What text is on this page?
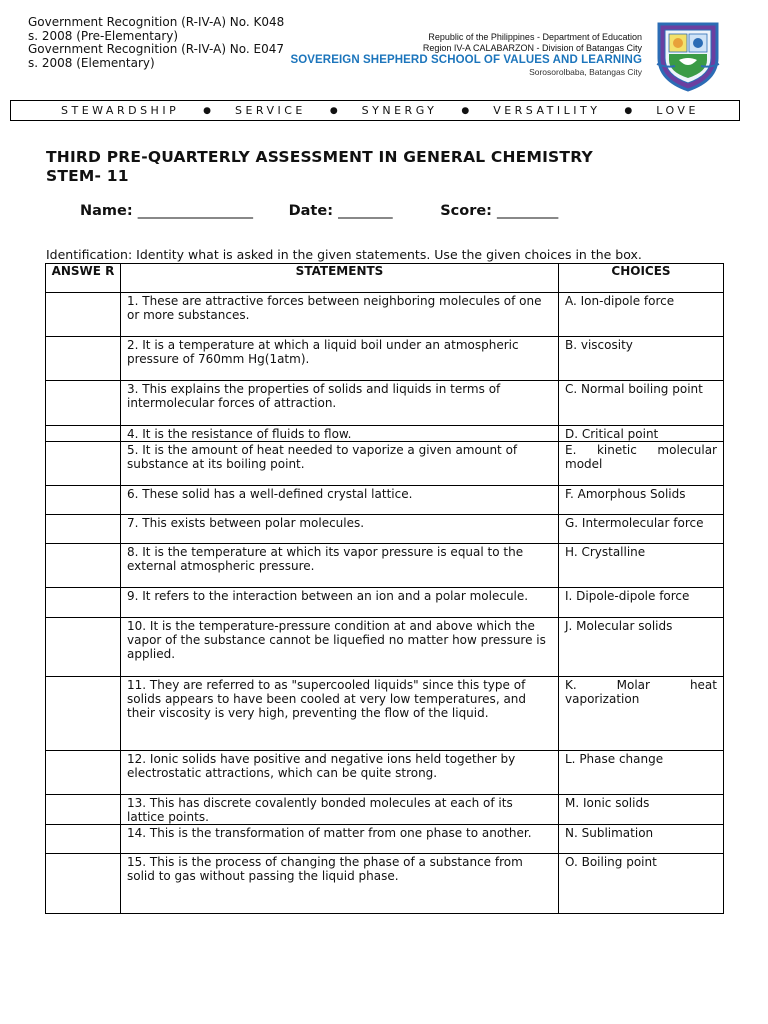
Government Recognition (R-IV-A) No. K048
s. 2008 (Pre-Elementary)
Government Recognition (R-IV-A) No. E047
s. 2008 (Elementary)
Republic of the Philippines - Department of Education
Region IV-A CALABARZON - Division of Batangas City
SOVEREIGN SHEPHERD SCHOOL OF VALUES AND LEARNING
Sorosorolbaba, Batangas City
STEWARDSHIP	● SERVICE	● SYNERGY	● VERSATILITY	● LOVE
THIRD PRE-QUARTERLY ASSESSMENT IN GENERAL CHEMISTRY
STEM- 11
Name: _________________ Date: ________	Score: _________
Identification: Identity what is asked in the given statements. Use the given choices in the box.
ANSWE R	STATEMENTS	CHOICES
	1. These are attractive forces between neighboring molecules of one or more substances.	A. Ion-dipole force
	2. It is a temperature at which a liquid boil under an atmospheric pressure of 760mm Hg(1atm).	B. viscosity
	3. This explains the properties of solids and liquids in terms of intermolecular forces of attraction.	C. Normal boiling point
	4. It is the resistance of fluids to flow.	D. Critical point
	5. It is the amount of heat needed to vaporize a given amount of substance at its boiling point.	E. kinetic molecular model
	6. These solid has a well-defined crystal lattice.	F. Amorphous Solids
	7. This exists between polar molecules.	G. Intermolecular force
	8. It is the temperature at which its vapor pressure is equal to the external atmospheric pressure.	H. Crystalline
	9. It refers to the interaction between an ion and a polar molecule.	I. Dipole-dipole force
	10. It is the temperature-pressure condition at and above which the vapor of the substance cannot be liquefied no matter how pressure is applied.	J. Molecular solids
	11. They are referred to as "supercooled liquids" since this type of solids appears to have been cooled at very low temperatures, and their viscosity is very high, preventing the flow of the liquid.	K. Molar heat vaporization
	12. Ionic solids have positive and negative ions held together by electrostatic attractions, which can be quite strong.	L. Phase change
	13. This has discrete covalently bonded molecules at each of its lattice points.	M. Ionic solids
	14. This is the transformation of matter from one phase to another.	N. Sublimation
	15. This is the process of changing the phase of a substance from solid to gas without passing the liquid phase.	O. Boiling point
